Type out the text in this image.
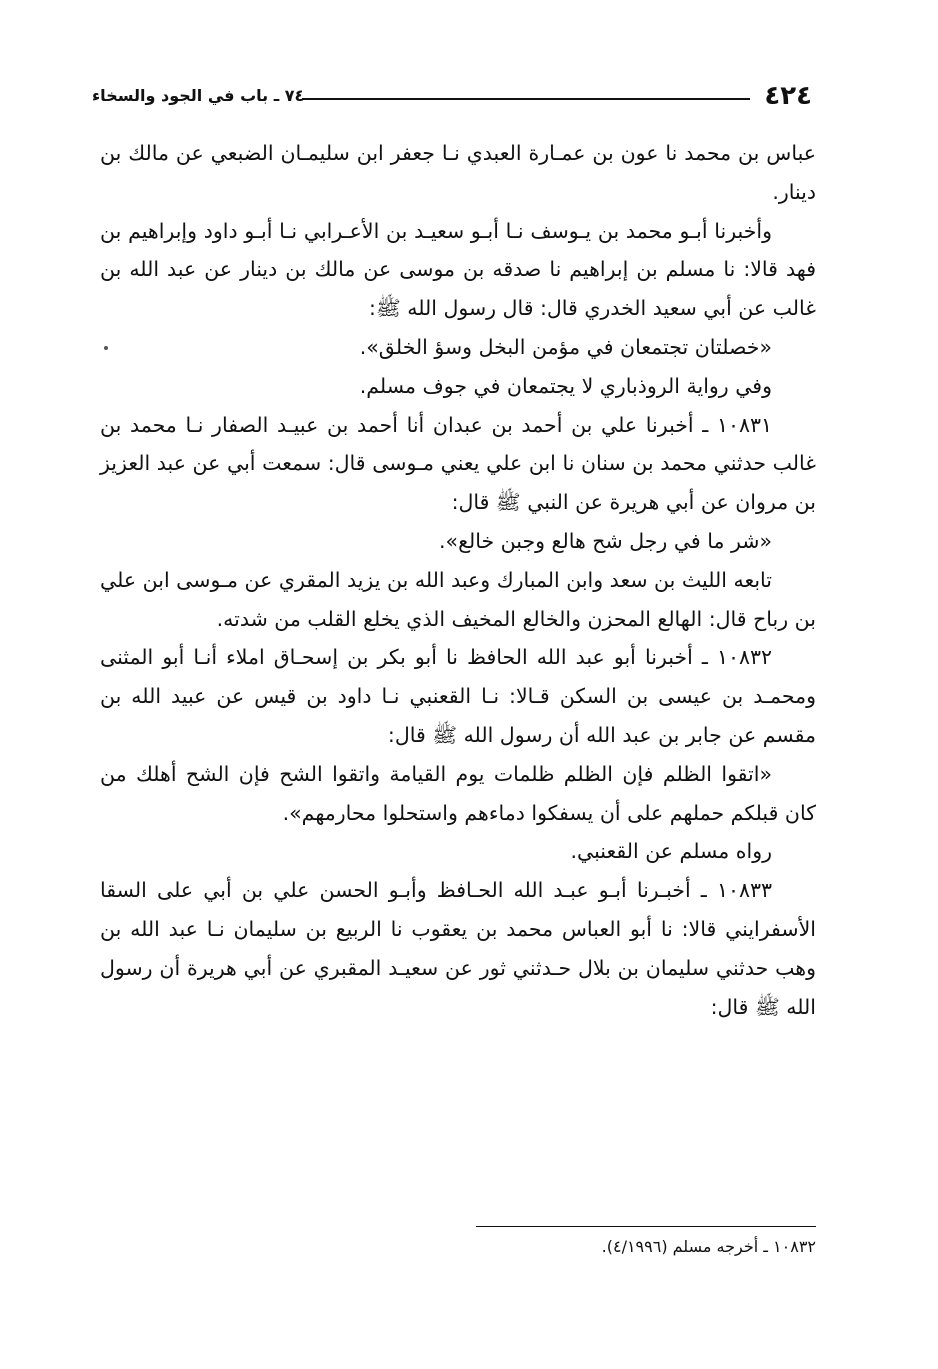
٤٢٤
٧٤ ـ باب في الجود والسخاء

عباس بن محمد نا عون بن عمـارة العبدي نـا جعفر ابن سليمـان الضبعي عن مالك بن دينار.

وأخبرنا أبـو محمد بن يـوسف نـا أبـو سعيـد بن الأعـرابي نـا أبـو داود وإبراهيم بن فهد قالا: نا مسلم بن إبراهيم نا صدقه بن موسى عن مالك بن دينار عن عبد الله بن غالب عن أبي سعيد الخدري قال: قال رسول الله ﷺ:

«خصلتان تجتمعان في مؤمن البخل وسؤ الخلق».

وفي رواية الروذباري لا يجتمعان في جوف مسلم.

١٠٨٣١ ـ أخبرنا علي بن أحمد بن عبدان أنا أحمد بن عبيـد الصفار نـا محمد بن غالب حدثني محمد بن سنان نا ابن علي يعني مـوسى قال: سمعت أبي عن عبد العزيز بن مروان عن أبي هريرة عن النبي ﷺ قال:

«شر ما في رجل شح هالع وجبن خالع».

تابعه الليث بن سعد وابن المبارك وعبد الله بن يزيد المقري عن مـوسى ابن علي بن رباح قال: الهالع المحزن والخالع المخيف الذي يخلع القلب من شدته.

١٠٨٣٢ ـ أخبرنا أبو عبد الله الحافظ نا أبو بكر بن إسحـاق املاء أنـا أبو المثنى ومحمـد بن عيسى بن السكن قـالا: نـا القعنبي نـا داود بن قيس عن عبيد الله بن مقسم عن جابر بن عبد الله أن رسول الله ﷺ قال:

«اتقوا الظلم فإن الظلم ظلمات يوم القيامة واتقوا الشح فإن الشح أهلك من كان قبلكم حملهم على أن يسفكوا دماءهم واستحلوا محارمهم».

رواه مسلم عن القعنبي.

١٠٨٣٣ ـ أخبـرنا أبـو عبـد الله الحـافظ وأبـو الحسن علي بن أبي على السقا الأسفرايني قالا: نا أبو العباس محمد بن يعقوب نا الربيع بن سليمان نـا عبد الله بن وهب حدثني سليمان بن بلال حـدثني ثور عن سعيـد المقبري عن أبي هريرة أن رسول الله ﷺ قال:

١٠٨٣٢ ـ أخرجه مسلم (٤/١٩٩٦).
